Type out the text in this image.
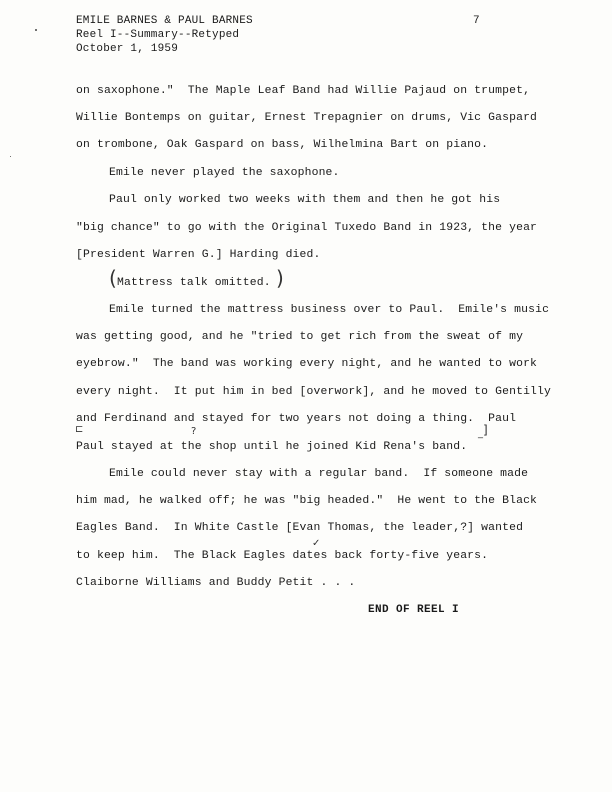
EMILE BARNES & PAUL BARNES
Reel I--Summary--Retyped
October 1, 1959
7
on saxophone."  The Maple Leaf Band had Willie Pajaud on trumpet,
Willie Bontemps on guitar, Ernest Trepagnier on drums, Vic Gaspard
on trombone, Oak Gaspard on bass, Wilhelmina Bart on piano.
Emile never played the saxophone.
Paul only worked two weeks with them and then he got his
"big chance" to go with the Original Tuxedo Band in 1923, the year
[President Warren G.] Harding died.
( Mattress talk omitted. )
Emile turned the mattress business over to Paul.  Emile's music
was getting good, and he "tried to get rich from the sweat of my
eyebrow."  The band was working every night, and he wanted to work
every night.  It put him in bed [overwork], and he moved to Gentilly
and Ferdinand and stayed for two years not doing a thing.  Paul
⊏	?	]
Paul stayed at the shop until he joined Kid Rena's band. ‾
Emile could never stay with a regular band.  If someone made
him mad, he walked off; he was "big headed."  He went to the Black
Eagles Band.  In White Castle [Evan Thomas, the leader,?] wanted
✓
to keep him.  The Black Eagles dates back forty-five years.
Claiborne Williams and Buddy Petit . . .
END OF REEL I
